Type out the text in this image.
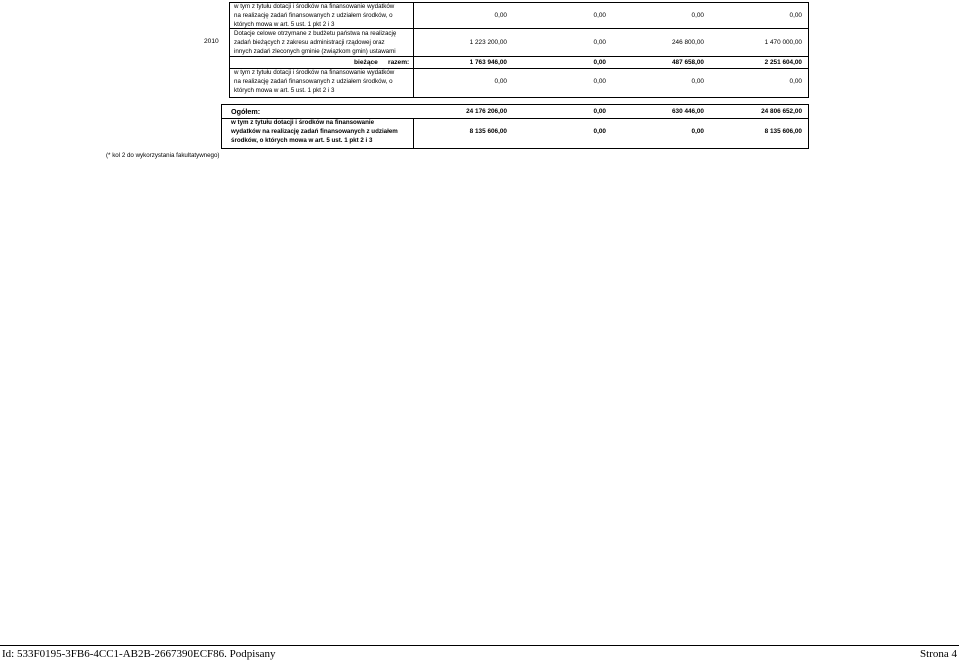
w tym z tytułu dotacji i środków na finansowanie wydatków
na realizację zadań finansowanych z udziałem środków, o
których mowa w art. 5 ust. 1 pkt 2 i 3
0,00	0,00	0,00	0,00
2010
Dotacje celowe otrzymane z budżetu państwa na realizację
zadań bieżących z zakresu administracji rządowej oraz
innych zadań zleconych gminie (związkom gmin) ustawami
1 223 200,00	0,00	246 800,00	1 470 000,00
bieżące razem:	1 763 946,00	0,00	487 658,00	2 251 604,00
w tym z tytułu dotacji i środków na finansowanie wydatków
na realizację zadań finansowanych z udziałem środków, o
których mowa w art. 5 ust. 1 pkt 2 i 3
0,00	0,00	0,00	0,00
Ogółem:	24 176 206,00	0,00	630 446,00	24 806 652,00
w tym z tytułu dotacji i środków na finansowanie
wydatków na realizację zadań finansowanych z udziałem
środków, o których mowa w art. 5 ust. 1 pkt 2 i 3
8 135 606,00	0,00	0,00	8 135 606,00
(* kol 2 do wykorzystania fakultatywnego)
Id: 533F0195-3FB6-4CC1-AB2B-2667390ECF86. Podpisany	Strona 4
